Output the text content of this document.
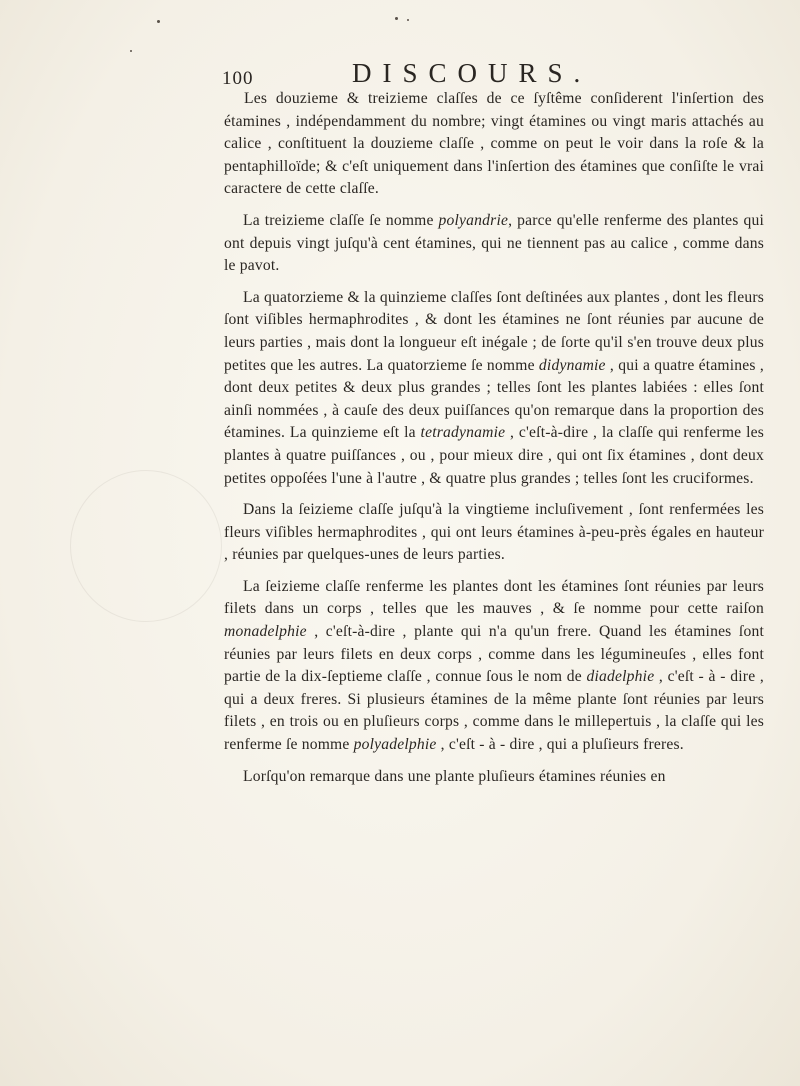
100	DISCOURS.

Les douzieme & treizieme claſſes de ce ſyſtême conſiderent l'inſertion des étamines , indépendamment du nombre; vingt étamines ou vingt maris attachés au calice , conſtituent la douzieme claſſe , comme on peut le voir dans la roſe & la pentaphilloïde; & c'eſt uniquement dans l'inſertion des étamines que conſiſte le vrai caractere de cette claſſe.

La treizieme claſſe ſe nomme polyandrie, parce qu'elle renferme des plantes qui ont depuis vingt juſqu'à cent étamines, qui ne tiennent pas au calice , comme dans le pavot.

La quatorzieme & la quinzieme claſſes ſont deſtinées aux plantes , dont les fleurs ſont viſibles hermaphrodites , & dont les étamines ne ſont réunies par aucune de leurs parties , mais dont la longueur eſt inégale ; de ſorte qu'il s'en trouve deux plus petites que les autres. La quatorzieme ſe nomme didynamie , qui a quatre étamines , dont deux petites & deux plus grandes ; telles ſont les plantes labiées : elles ſont ainſi nommées , à cauſe des deux puiſſances qu'on remarque dans la proportion des étamines. La quinzieme eſt la tetradynamie , c'eſt-à-dire , la claſſe qui renferme les plantes à quatre puiſſances , ou , pour mieux dire , qui ont ſix étamines , dont deux petites oppoſées l'une à l'autre , & quatre plus grandes ; telles ſont les cruciformes.

Dans la ſeizieme claſſe juſqu'à la vingtieme incluſivement , ſont renfermées les fleurs viſibles hermaphrodites , qui ont leurs étamines à-peu-près égales en hauteur , réunies par quelques-unes de leurs parties.

La ſeizieme claſſe renferme les plantes dont les étamines ſont réunies par leurs filets dans un corps , telles que les mauves , & ſe nomme pour cette raiſon monadelphie , c'eſt-à-dire , plante qui n'a qu'un frere. Quand les étamines ſont réunies par leurs filets en deux corps , comme dans les légumineuſes , elles font partie de la dix-ſeptieme claſſe , connue ſous le nom de diadelphie , c'eſt - à - dire , qui a deux freres. Si plusieurs étamines de la même plante ſont réunies par leurs filets , en trois ou en pluſieurs corps , comme dans le millepertuis , la claſſe qui les renferme ſe nomme polyadelphie , c'eſt - à - dire , qui a pluſieurs freres.

Lorſqu'on remarque dans une plante pluſieurs étamines réunies en
